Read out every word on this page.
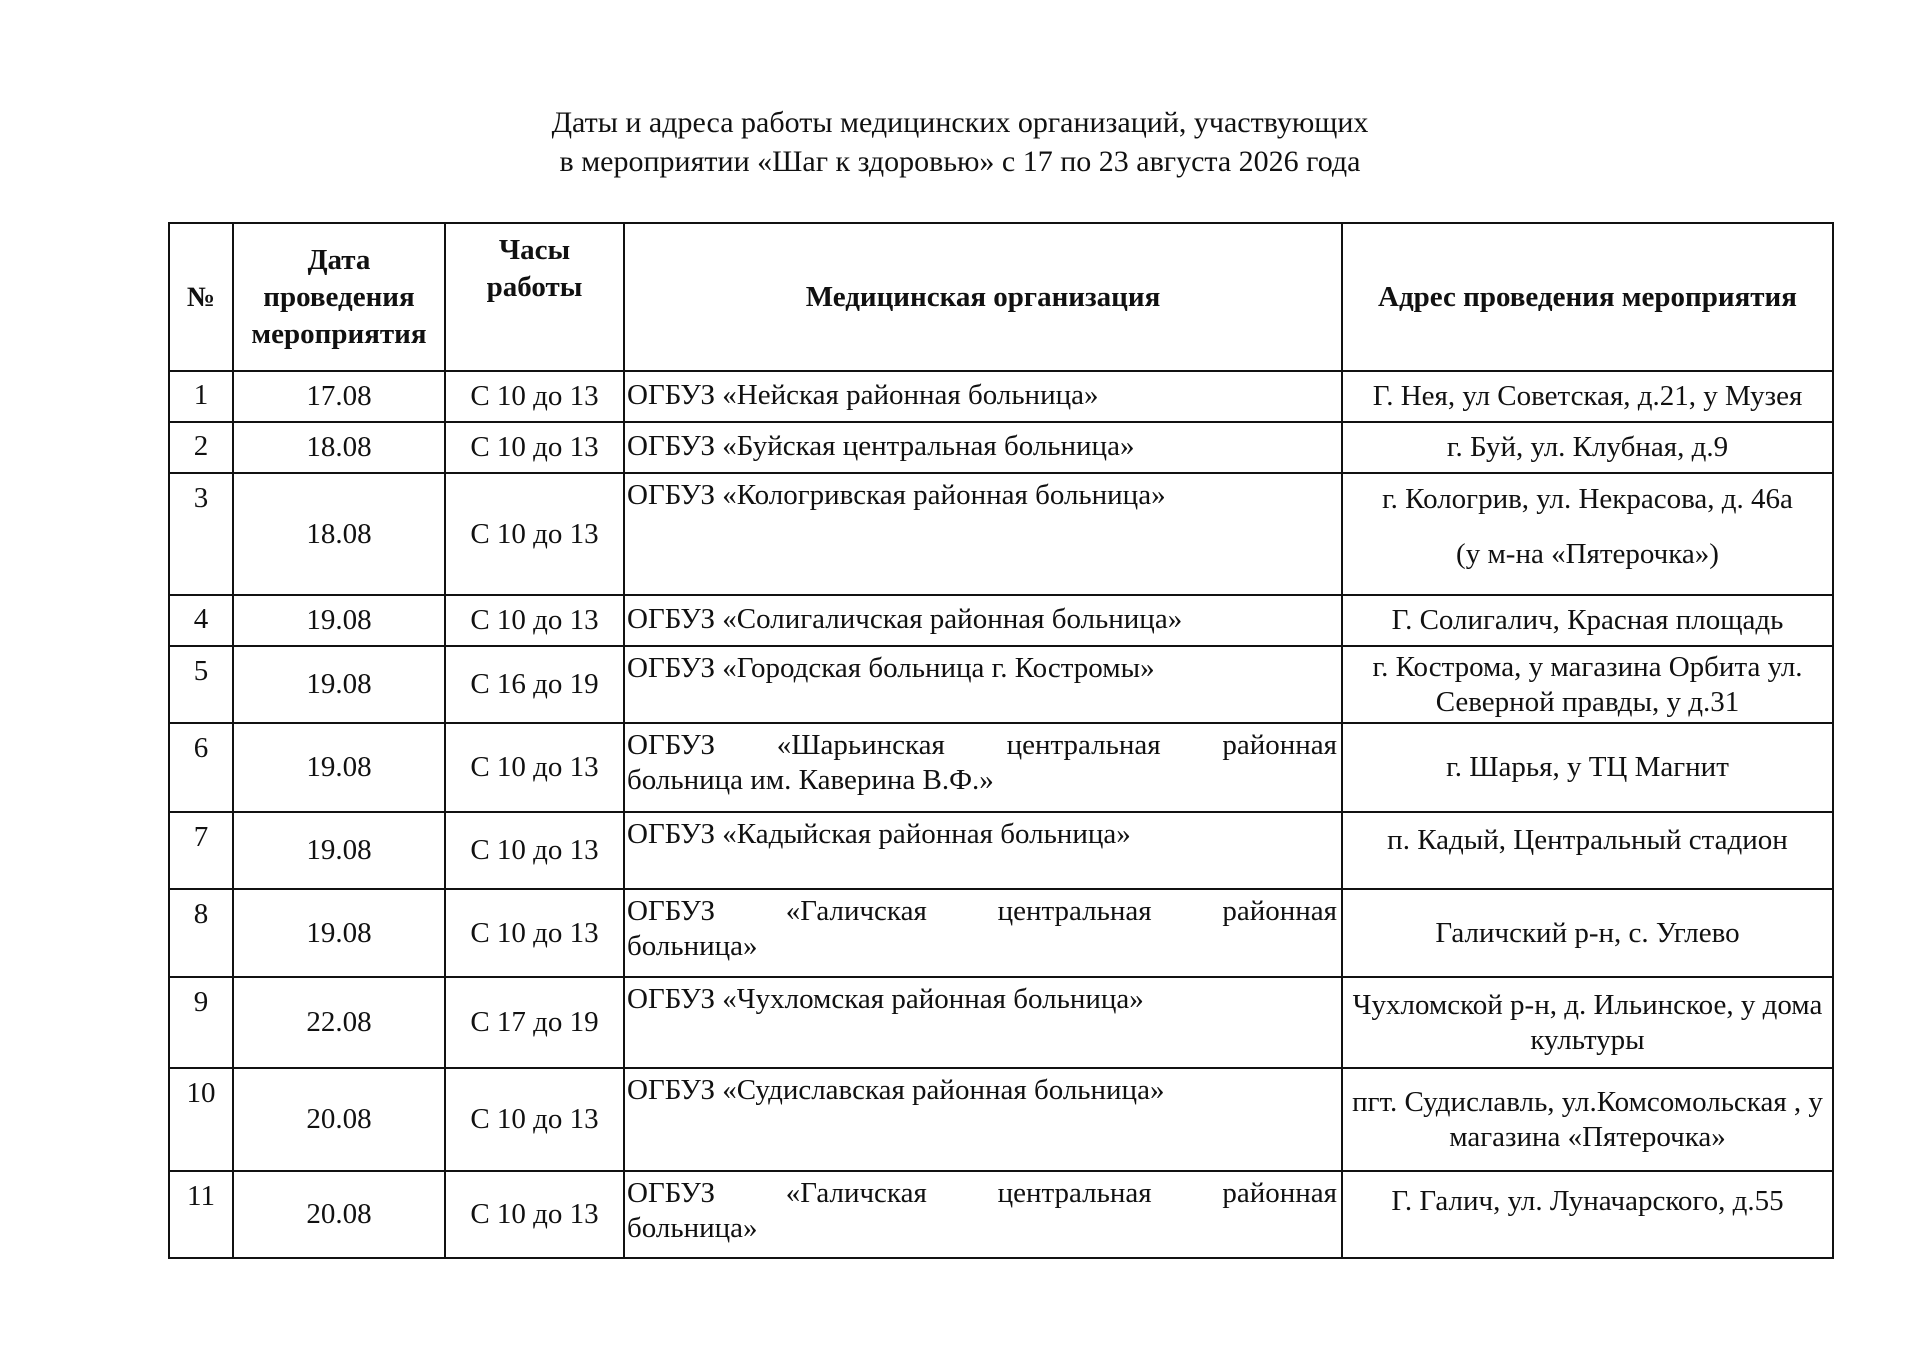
Даты и адреса работы медицинских организаций, участвующих
в мероприятии «Шаг к здоровью» с 17 по 23 августа 2026 года
№	Дата проведения мероприятия	Часы работы	Медицинская организация	Адрес проведения мероприятия
1	17.08	С 10 до 13	ОГБУЗ «Нейская районная больница»	Г. Нея, ул Советская, д.21, у Музея
2	18.08	С 10 до 13	ОГБУЗ «Буйская центральная больница»	г. Буй, ул. Клубная, д.9
3	18.08	С 10 до 13	ОГБУЗ «Кологривская районная больница»	г. Кологрив, ул. Некрасова, д. 46а
(у м-на «Пятерочка»)

4	19.08	С 10 до 13	ОГБУЗ «Солигаличская районная больница»	Г. Солигалич, Красная площадь
5	19.08	С 16 до 19	ОГБУЗ «Городская больница г. Костромы»	г. Кострома, у магазина Орбита ул. Северной правды, у д.31
6	19.08	С 10 до 13	ОГБУЗ «Шарьинская центральная районная
больница им. Каверина В.Ф.»	г. Шарья, у ТЦ Магнит
7	19.08	С 10 до 13	ОГБУЗ «Кадыйская районная больница»	п. Кадый, Центральный стадион
8	19.08	С 10 до 13	ОГБУЗ «Галичская центральная районная
больница»	Галичский р-н, с. Углево
9	22.08	С 17 до 19	ОГБУЗ «Чухломская районная больница»	Чухломской р-н, д. Ильинское, у дома культуры
10	20.08	С 10 до 13	ОГБУЗ «Судиславская районная больница»	пгт. Судиславль, ул.Комсомольская , у магазина «Пятерочка»
11	20.08	С 10 до 13	ОГБУЗ «Галичская центральная районная
больница»	Г. Галич, ул. Луначарского, д.55
